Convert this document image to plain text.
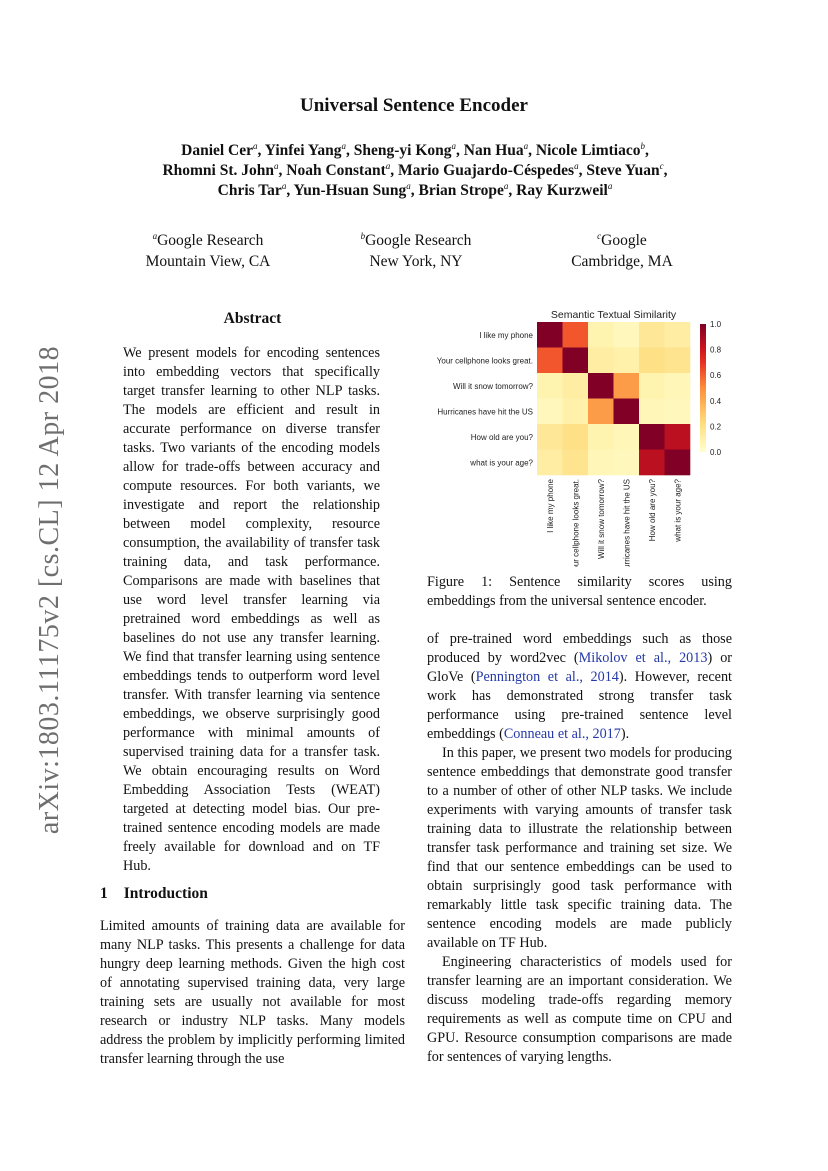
Universal Sentence Encoder
Daniel Cer$^a$, Yinfei Yang$^a$, Sheng-yi Kong$^a$, Nan Hua$^a$, Nicole Limtiaco$^b$,
Rhomni St. John$^a$, Noah Constant$^a$, Mario Guajardo-Céspedes$^a$, Steve Yuan$^c$,
Chris Tar$^a$, Yun-Hsuan Sung$^a$, Brian Strope$^a$, Ray Kurzweil$^a$
$^a$Google Research
Mountain View, CA
$^b$Google Research
New York, NY
$^c$Google
Cambridge, MA
arXiv:1803.11175v2 [cs.CL] 12 Apr 2018
Abstract

We present models for encoding sentences into embedding vectors that specifically target transfer learning to other NLP tasks. The models are efficient and result in accurate performance on diverse transfer tasks. Two variants of the encoding models allow for trade-offs between accuracy and compute resources. For both variants, we investigate and report the relationship between model complexity, resource consumption, the availability of transfer task training data, and task performance. Comparisons are made with baselines that use word level transfer learning via pretrained word embeddings as well as baselines do not use any transfer learning. We find that transfer learning using sentence embeddings tends to outperform word level transfer. With transfer learning via sentence embeddings, we observe surprisingly good performance with minimal amounts of supervised training data for a transfer task. We obtain encouraging results on Word Embedding Association Tests (WEAT) targeted at detecting model bias. Our pre-trained sentence encoding models are made freely available for download and on TF Hub.

1 Introduction

Limited amounts of training data are available for many NLP tasks. This presents a challenge for data hungry deep learning methods. Given the high cost of annotating supervised training data, very large training sets are usually not available for most research or industry NLP tasks. Many models address the problem by implicitly performing limited transfer learning through the use

Semantic Textual Similarity
I like my phone
Your cellphone looks great.
Will it snow tomorrow?
Hurricanes have hit the US
How old are you?
what is your age?
I like my phone Your cellphone looks great. Will it snow tomorrow? Hurricanes have hit the US How old are you? what is your age?
0.0
0.2
0.4
0.6
0.8
1.0

Figure 1: Sentence similarity scores using embeddings from the universal sentence encoder.

of pre-trained word embeddings such as those produced by word2vec (Mikolov et al., 2013) or GloVe (Pennington et al., 2014). However, recent work has demonstrated strong transfer task performance using pre-trained sentence level embeddings (Conneau et al., 2017).

In this paper, we present two models for producing sentence embeddings that demonstrate good transfer to a number of other of other NLP tasks. We include experiments with varying amounts of transfer task training data to illustrate the relationship between transfer task performance and training set size. We find that our sentence embeddings can be used to obtain surprisingly good task performance with remarkably little task specific training data. The sentence encoding models are made publicly available on TF Hub.

Engineering characteristics of models used for transfer learning are an important consideration. We discuss modeling trade-offs regarding memory requirements as well as compute time on CPU and GPU. Resource consumption comparisons are made for sentences of varying lengths.
